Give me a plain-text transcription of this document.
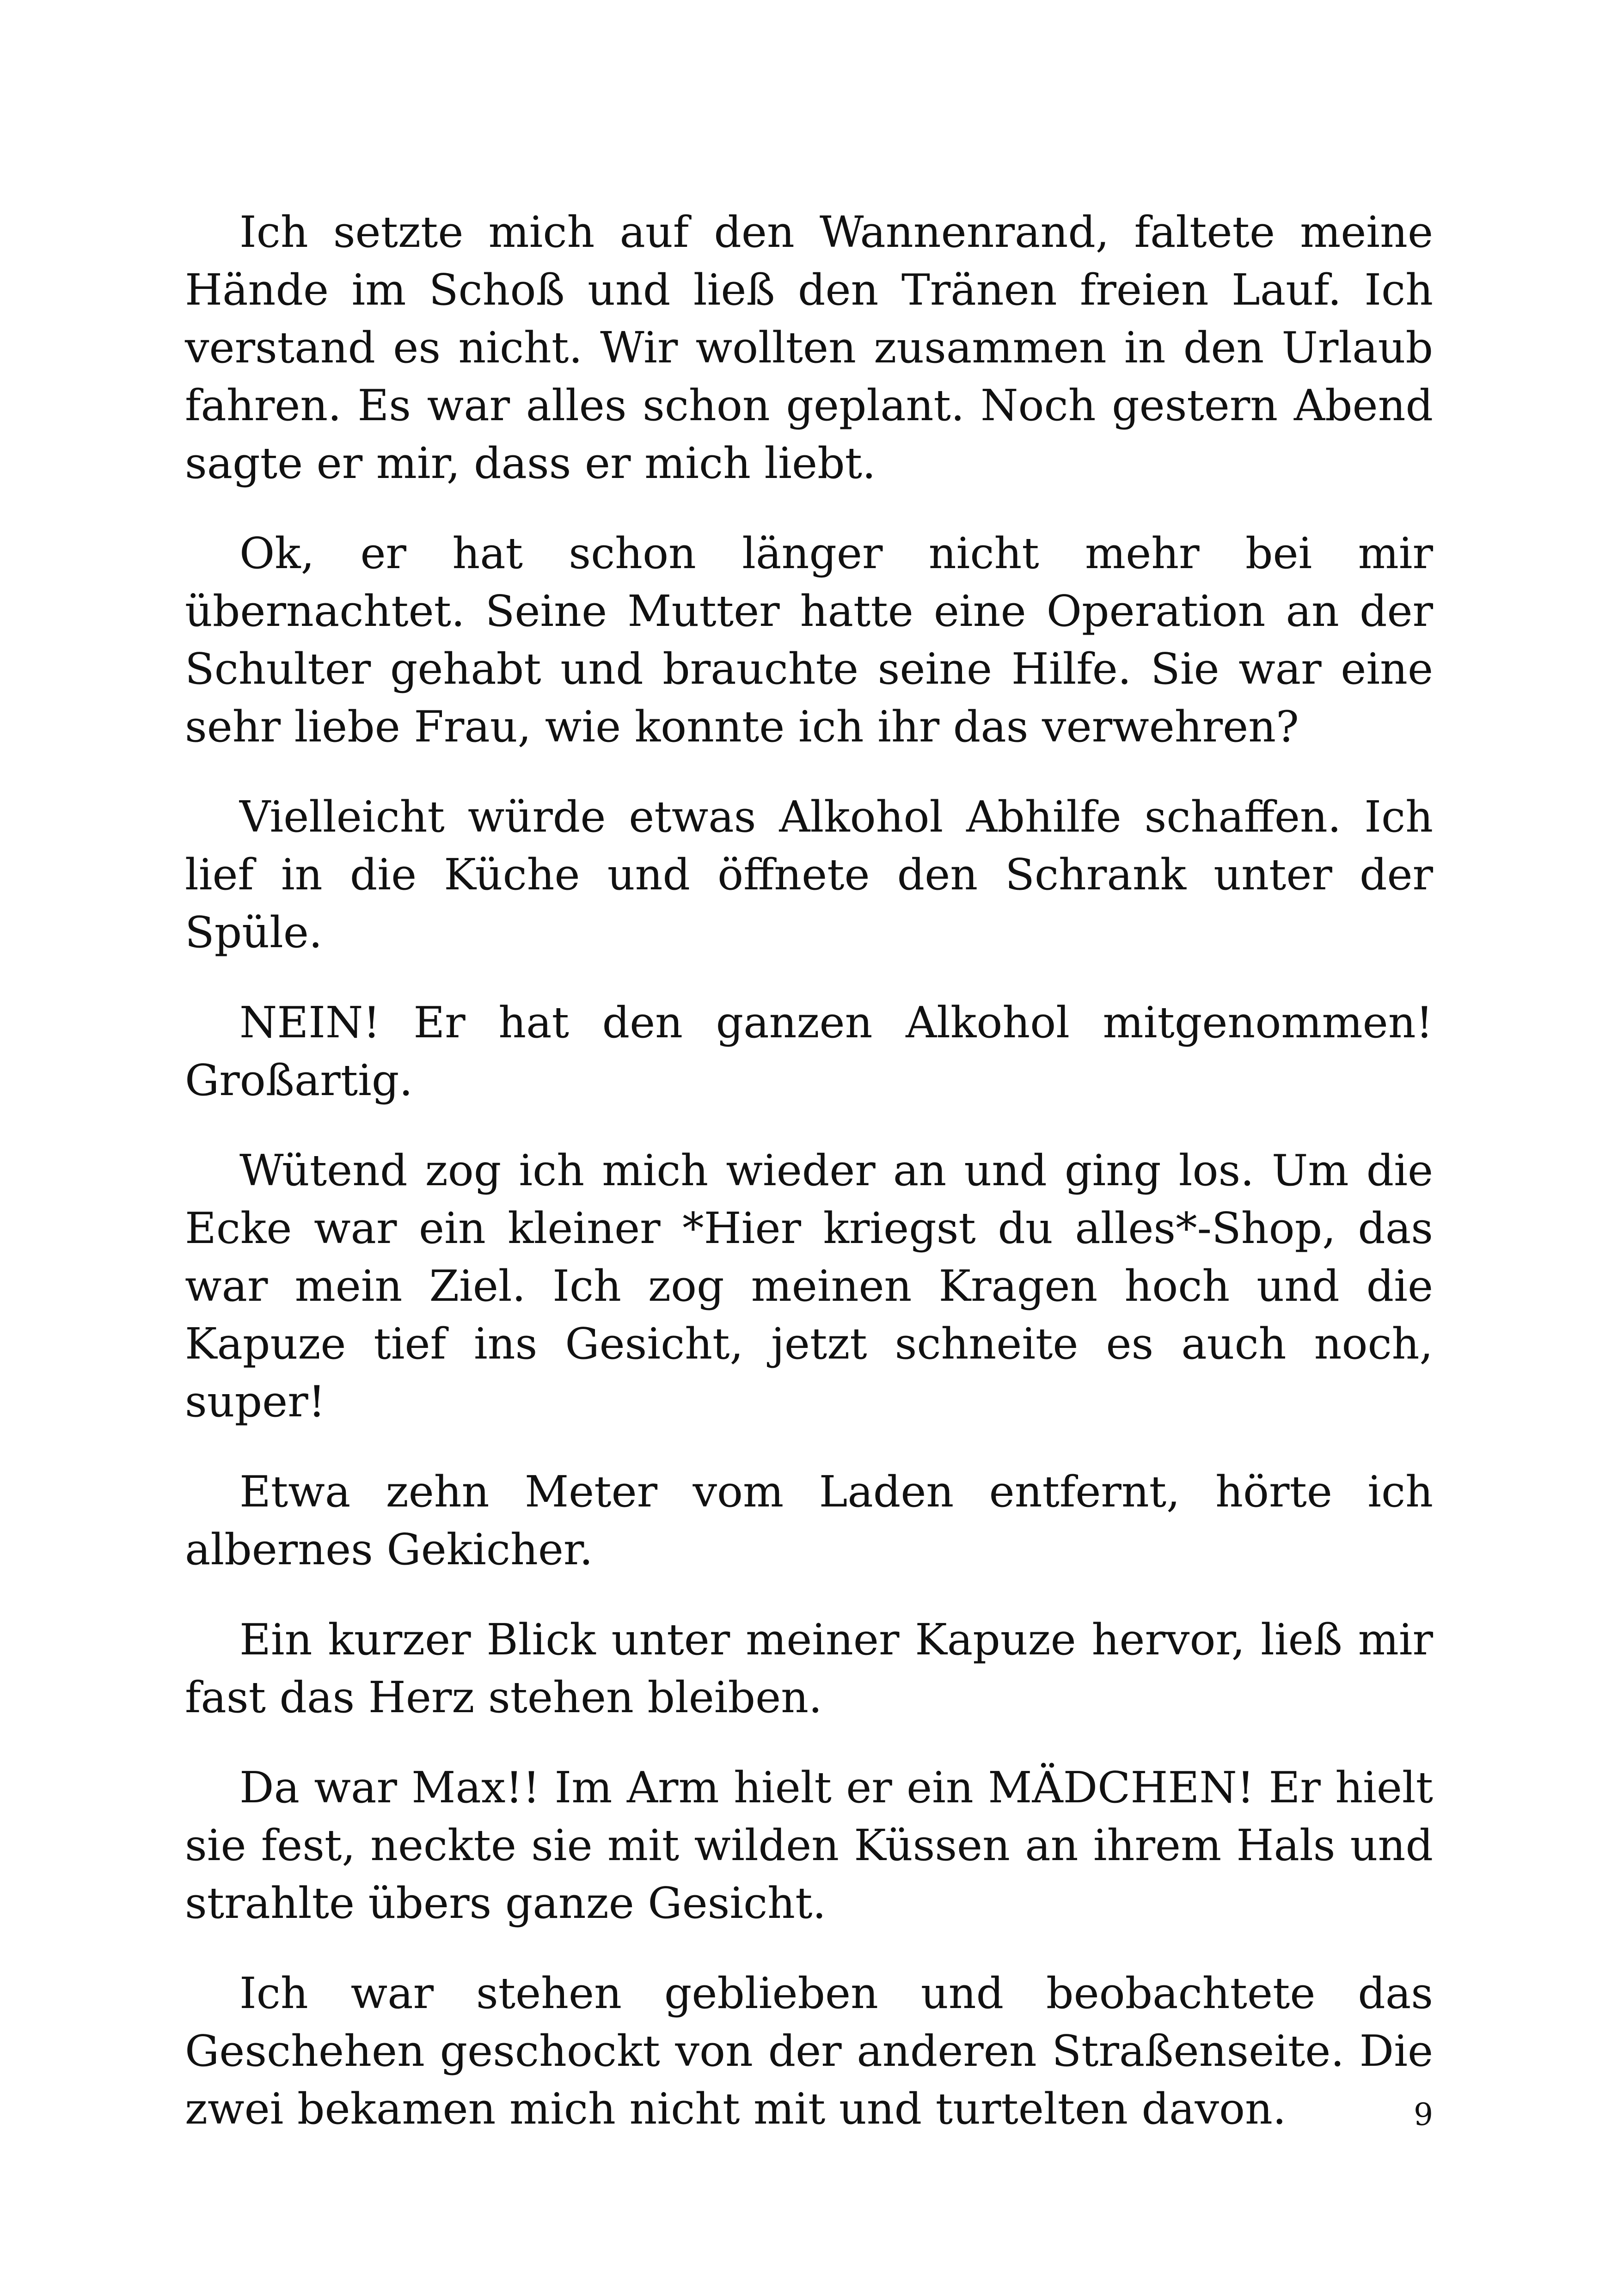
Ich setzte mich auf den Wannenrand, faltete meine Hände im Schoß und ließ den Tränen freien Lauf. Ich verstand es nicht. Wir wollten zusammen in den Urlaub fahren. Es war alles schon geplant. Noch gestern Abend sagte er mir, dass er mich liebt.

Ok, er hat schon länger nicht mehr bei mir übernachtet. Seine Mutter hatte eine Operation an der Schulter gehabt und brauchte seine Hilfe. Sie war eine sehr liebe Frau, wie konnte ich ihr das verwehren?

Vielleicht würde etwas Alkohol Abhilfe schaffen. Ich lief in die Küche und öffnete den Schrank unter der Spüle.

NEIN! Er hat den ganzen Alkohol mitgenommen! Großartig.

Wütend zog ich mich wieder an und ging los. Um die Ecke war ein kleiner *Hier kriegst du alles*-Shop, das war mein Ziel. Ich zog meinen Kragen hoch und die Kapuze tief ins Gesicht, jetzt schneite es auch noch, super!

Etwa zehn Meter vom Laden entfernt, hörte ich albernes Gekicher.

Ein kurzer Blick unter meiner Kapuze hervor, ließ mir fast das Herz stehen bleiben.

Da war Max!! Im Arm hielt er ein MÄDCHEN! Er hielt sie fest, neckte sie mit wilden Küssen an ihrem Hals und strahlte übers ganze Gesicht.

Ich war stehen geblieben und beobachtete das Geschehen geschockt von der anderen Straßenseite. Die zwei bekamen mich nicht mit und turtelten davon.	9
